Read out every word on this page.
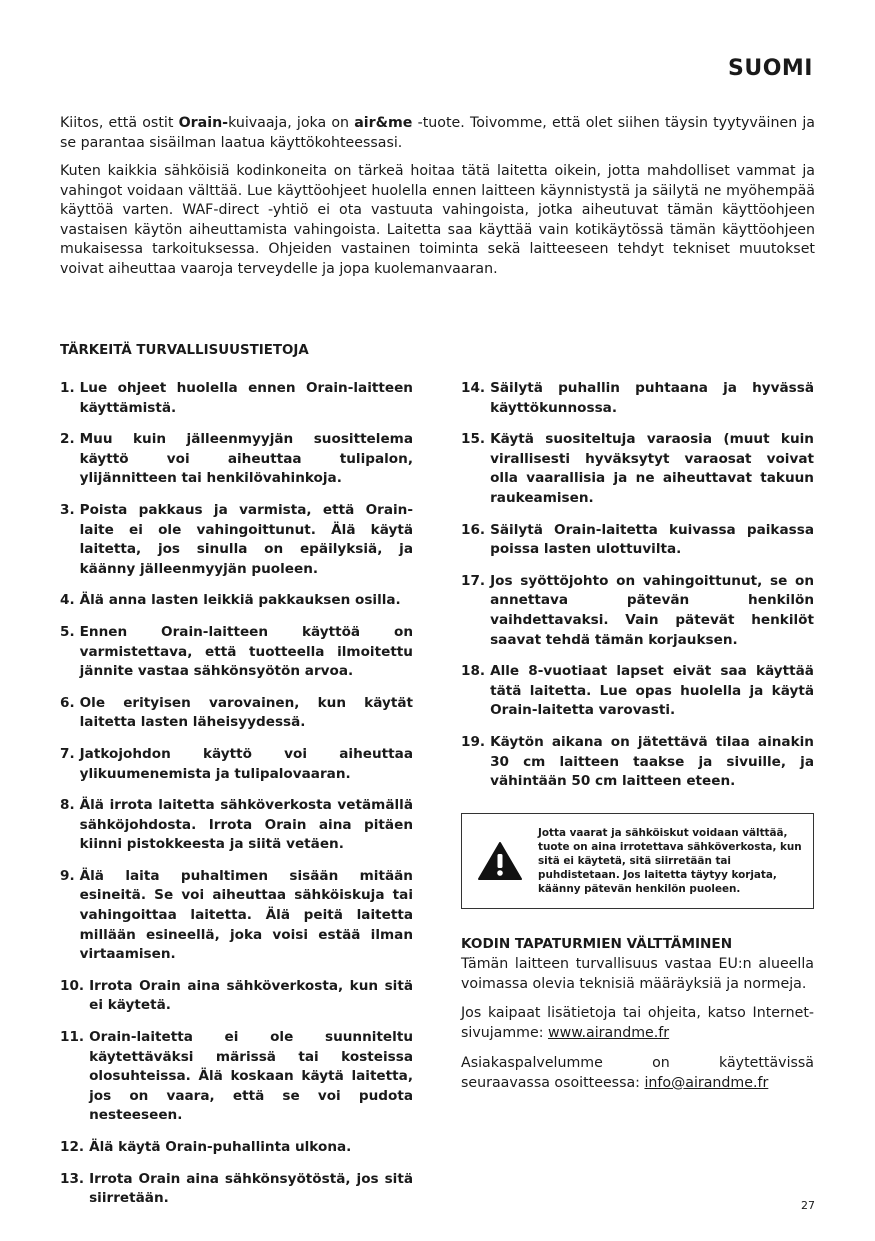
SUOMI

Kiitos, että ostit Orain-kuivaaja, joka on air&me -tuote. Toivomme, että olet siihen täysin tyytyväinen ja se parantaa sisäilman laatua käyttökohteessasi.

Kuten kaikkia sähköisiä kodinkoneita on tärkeä hoitaa tätä laitetta oikein, jotta mahdolliset vammat ja vahingot voidaan välttää. Lue käyttöohjeet huolella ennen laitteen käynnistystä ja säilytä ne myöhempää käyttöä varten. WAF-direct -yhtiö ei ota vastuuta vahingoista, jotka aiheutuvat tämän käyttöohjeen vastaisen käytön aiheuttamista vahingoista. Laitetta saa käyttää vain kotikäytössä tämän käyttöohjeen mukaisessa tarkoituksessa. Ohjeiden vastainen toiminta sekä laitteeseen tehdyt tekniset muutokset voivat aiheuttaa vaaroja terveydelle ja jopa kuolemanvaaran.

TÄRKEITÄ TURVALLISUUSTIETOJA
1. Lue ohjeet huolella ennen Orain-laitteen käyttämistä.
2. Muu kuin jälleenmyyjän suosittelema käyttö voi aiheuttaa tulipalon, ylijännitteen tai henkilövahinkoja.
3. Poista pakkaus ja varmista, että Orain-laite ei ole vahingoittunut. Älä käytä laitetta, jos sinulla on epäilyksiä, ja käänny jälleenmyyjän puoleen.
4. Älä anna lasten leikkiä pakkauksen osilla.
5. Ennen Orain-laitteen käyttöä on varmistettava, että tuotteella ilmoitettu jännite vastaa sähkönsyötön arvoa.
6. Ole erityisen varovainen, kun käytät laitetta lasten läheisyydessä.
7. Jatkojohdon käyttö voi aiheuttaa ylikuumenemista ja tulipalovaaran.
8. Älä irrota laitetta sähköverkosta vetämällä sähköjohdosta. Irrota Orain aina pitäen kiinni pistokkeesta ja siitä vetäen.
9. Älä laita puhaltimen sisään mitään esineitä. Se voi aiheuttaa sähköiskuja tai vahingoittaa laitetta. Älä peitä laitetta millään esineellä, joka voisi estää ilman virtaamisen.
10. Irrota Orain aina sähköverkosta, kun sitä ei käytetä.
11. Orain-laitetta ei ole suunniteltu käytettäväksi märissä tai kosteissa olosuhteissa. Älä koskaan käytä laitetta, jos on vaara, että se voi pudota nesteeseen.
12. Älä käytä Orain-puhallinta ulkona.
13. Irrota Orain aina sähkönsyötöstä, jos sitä siirretään.
14. Säilytä puhallin puhtaana ja hyvässä käyttökunnossa.
15. Käytä suositeltuja varaosia (muut kuin virallisesti hyväksytyt varaosat voivat olla vaarallisia ja ne aiheuttavat takuun raukeamisen.
16. Säilytä Orain-laitetta kuivassa paikassa poissa lasten ulottuvilta.
17. Jos syöttöjohto on vahingoittunut, se on annettava pätevän henkilön vaihdettavaksi. Vain pätevät henkilöt saavat tehdä tämän korjauksen.
18. Alle 8-vuotiaat lapset eivät saa käyttää tätä laitetta. Lue opas huolella ja käytä Orain-laitetta varovasti.
19. Käytön aikana on jätettävä tilaa ainakin 30 cm laitteen taakse ja sivuille, ja vähintään 50 cm laitteen eteen.
Jotta vaarat ja sähköiskut voidaan välttää, tuote on aina irrotettava sähköverkosta, kun sitä ei käytetä, sitä siirretään tai puhdistetaan. Jos laitetta täytyy korjata, käänny pätevän henkilön puoleen.
KODIN TAPATURMIEN VÄLTTÄMINEN

Tämän laitteen turvallisuus vastaa EU:n alueella voimassa olevia teknisiä määräyksiä ja normeja.

Jos kaipaat lisätietoja tai ohjeita, katso Internet-sivujamme: www.airandme.fr

Asiakaspalvelumme on käytettävissä seuraavassa osoitteessa: info@airandme.fr

27
